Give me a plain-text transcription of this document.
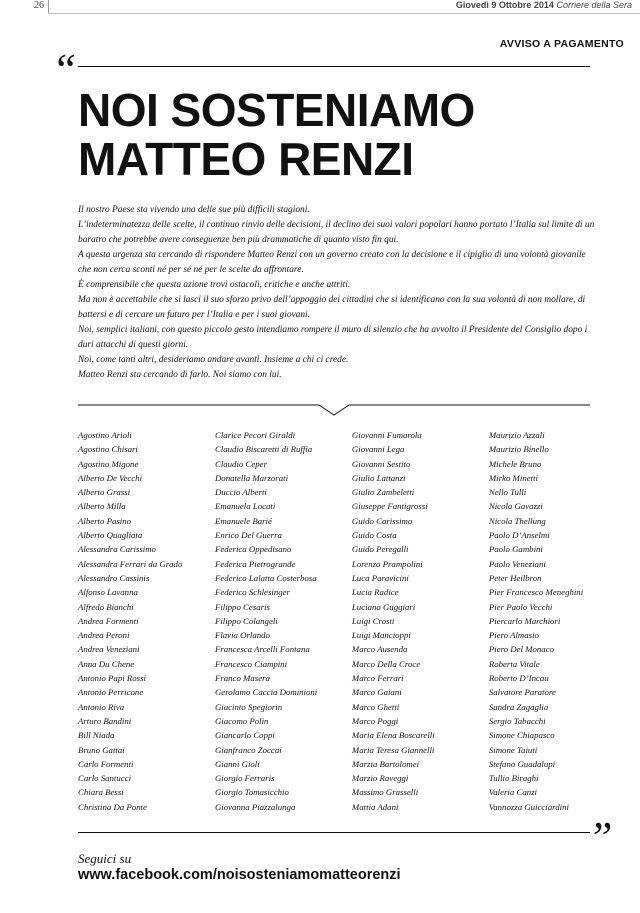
26	Giovedì 9 Ottobre 2014 Corriere della Sera
AVVISO A PAGAMENTO
“
NOI SOSTENIAMO
MATTEO RENZI

Il nostro Paese sta vivendo una delle sue più difficili stagioni.

L’indeterminatezza delle scelte, il continuo rinvio delle decisioni, il declino dei suoi valori popolari hanno portato l’Italia sul limite di un baratro che potrebbe avere conseguenze ben più drammatiche di quanto visto fin qui.

A questa urgenza sta cercando di rispondere Matteo Renzi con un governo creato con la decisione e il cipiglio di una volontà giovanile che non cerca sconti né per sé né per le scelte da affrontare.

È comprensibile che questa azione trovi ostacoli, critiche e anche attriti.

Ma non è accettabile che si lasci il suo sforzo privo dell’appoggio dei cittadini che si identificano con la sua volontà di non mollare, di battersi e di cercare un futuro per l’Italia e per i suoi giovani.

Noi, semplici italiani, con questo piccolo gesto intendiamo rompere il muro di silenzio che ha avvolto il Presidente del Consiglio dopo i duri attacchi di questi giorni.

Noi, come tanti altri, desideriamo andare avanti. Insieme a chi ci crede.

Matteo Renzi sta cercando di farlo. Noi siamo con lui.

Agostino Arioli
Agostino Chisari
Agostino Migone
Alberto De Vecchi
Alberto Grassi
Alberto Milla
Alberto Pasino
Alberto Quagliata
Alessandra Carissimo
Alessandra Ferrari da Grado
Alessandro Cassinis
Alfonso Lavanna
Alfredo Bianchi
Andrea Formenti
Andrea Peroni
Andrea Veneziani
Anna Du Chene
Antonio Papi Rossi
Antonio Perricone
Antonio Riva
Arturo Bandini
Bill Niada
Bruno Gattai
Carlo Formenti
Carlo Santucci
Chiara Bessi
Christina Da Ponte
Clarice Pecori Giraldi
Claudio Biscaretti di Ruffia
Claudio Ceper
Donatella Marzorati
Duccio Alberti
Emanuela Locati
Emanuele Barié
Enrico Del Guerra
Federica Oppedisano
Federica Pietrogrande
Federico Lalatta Costerbosa
Federico Schlesinger
Filippo Cesaris
Filippo Colangeli
Flavia Orlando
Francesca Arcelli Fontana
Francesco Ciampini
Franco Masera
Gerolamo Caccia Dominioni
Giacinto Spegiorin
Giacomo Polin
Giancarlo Coppi
Gianfranco Zoccai
Gianni Gioli
Giorgio Ferraris
Giorgio Tomasicchio
Giovanna Piazzalunga
Giovanni Fumarola
Giovanni Lega
Giovanni Sestito
Giulio Lattanzi
Giulio Zambeletti
Giuseppe Fantigrossi
Guido Carissimo
Guido Costa
Guido Peregalli
Lorenzo Prampolini
Luca Paravicini
Lucia Radice
Luciano Guggiari
Luigi Crosti
Luigi Mancioppi
Marco Ausenda
Marco Della Croce
Marco Ferrari
Marco Gaiani
Marco Ghetti
Marco Poggi
Maria Elena Boscarelli
Maria Teresa Giannelli
Marzia Bartolomei
Marzio Raveggi
Massimo Grasselli
Mattia Adani
Maurizio Azzali
Maurizio Binello
Michele Bruno
Mirko Minetti
Nello Tulli
Nicola Gavazzi
Nicola Thellung
Paolo D’Anselmi
Paolo Gambini
Paolo Veneziani
Peter Heilbron
Pier Francesco Meneghini
Pier Paolo Vecchi
Piercarlo Marchiori
Piero Almasio
Piero Del Monaco
Roberta Vitale
Roberto D’Incau
Salvatore Paratore
Sandra Zagaglia
Sergio Tabacchi
Simone Chiapasco
Simone Taiuti
Stefano Guadalupi
Tullio Biraghi
Valeria Canzi
Vannozza Guicciardini
”
Seguici su
www.facebook.com/noisosteniamomatteorenzi
